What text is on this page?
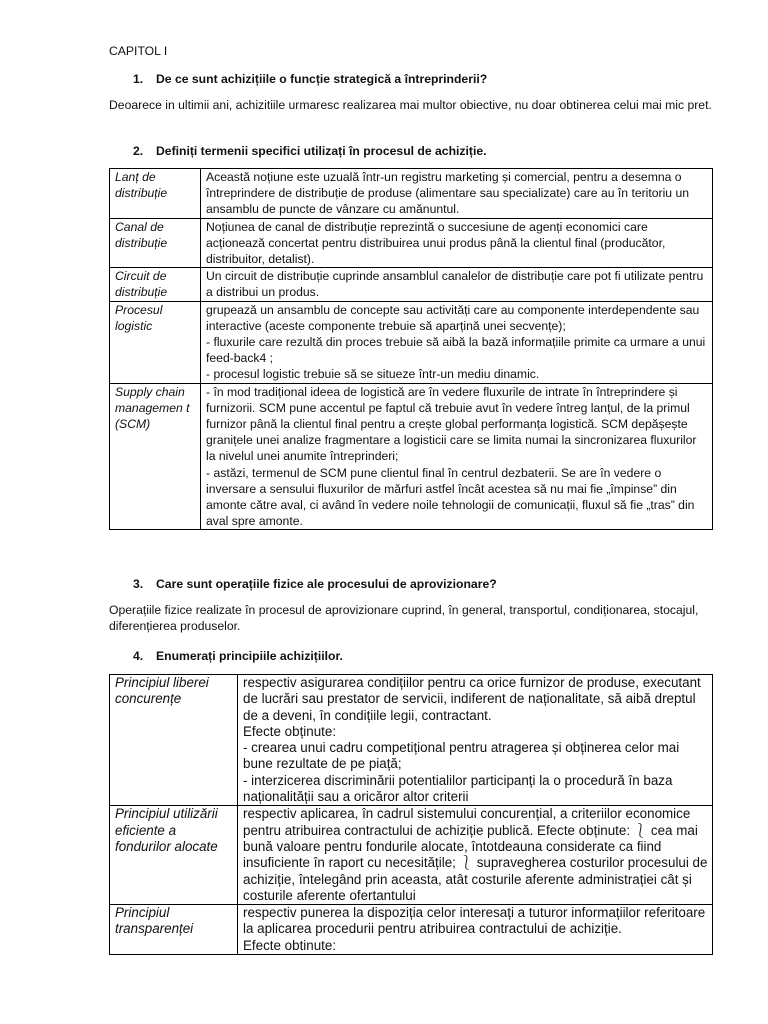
CAPITOL I
1. De ce sunt achizițiile o funcție strategică a întreprinderii?
Deoarece in ultimii ani, achizitiile urmaresc realizarea mai multor obiective, nu doar obtinerea celui mai mic pret.
2. Definiți termenii specifici utilizați în procesul de achiziție.
Lanț de distribuție	Această noțiune este uzuală într-un registru marketing și comercial, pentru a desemna o întreprindere de distribuție de produse (alimentare sau specializate) care au în teritoriu un ansamblu de puncte de vânzare cu amănuntul.

Canal de distribuție	Noțiunea de canal de distribuție reprezintă o succesiune de agenți economici care acționează concertat pentru distribuirea unui produs până la clientul final (producător, distribuitor, detalist).

Circuit de distribuție	Un circuit de distribuție cuprinde ansamblul canalelor de distribuție care pot fi utilizate pentru a distribui un produs.

Procesul logistic	grupează un ansamblu de concepte sau activități care au componente interdependente sau interactive (aceste componente trebuie să aparțină unei secvențe);
- fluxurile care rezultă din proces trebuie să aibă la bază informațiile primite ca urmare a unui feed-back4 ;
- procesul logistic trebuie să se situeze într-un mediu dinamic.

Supply chain managemen t (SCM)	- în mod tradițional ideea de logistică are în vedere fluxurile de intrate în întreprindere și furnizorii. SCM pune accentul pe faptul că trebuie avut în vedere întreg lanțul, de la primul furnizor până la clientul final pentru a crește global performanța logistică. SCM depășește granițele unei analize fragmentare a logisticii care se limita numai la sincronizarea fluxurilor la nivelul unei anumite întreprinderi;
- astăzi, termenul de SCM pune clientul final în centrul dezbaterii. Se are în vedere o inversare a sensului fluxurilor de mărfuri astfel încât acestea să nu mai fie „împinse” din amonte către aval, ci având în vedere noile tehnologii de comunicații, fluxul să fie „tras” din aval spre amonte.
3. Care sunt operațiile fizice ale procesului de aprovizionare?
Operațiile fizice realizate în procesul de aprovizionare cuprind, în general, transportul, condiționarea, stocajul, diferențierea produselor.
4. Enumerați principiile achizițiilor.
Principiul liberei concurențe	respectiv asigurarea condițiilor pentru ca orice furnizor de produse, executant de lucrări sau prestator de servicii, indiferent de naționalitate, să aibă dreptul de a deveni, în condițiile legii, contractant.
Efecte obținute:
- crearea unui cadru competițional pentru atragerea și obținerea celor mai bune rezultate de pe piață;
- interzicerea discriminării potentialilor participanți la o procedură în baza naționalității sau a oricăror altor criterii

Principiul utilizării eficiente a fondurilor alocate	respectiv aplicarea, în cadrul sistemului concurențial, a criteriilor economice pentru atribuirea contractului de achiziție publică. Efecte obținute: ⎱ cea mai bună valoare pentru fondurile alocate, întotdeauna considerate ca fiind insuficiente în raport cu necesitățile; ⎱ supravegherea costurilor procesului de achiziție, întelegând prin aceasta, atât costurile aferente administrației cât și costurile aferente ofertantului

Principiul transparenței	respectiv punerea la dispoziția celor interesați a tuturor informațiilor referitoare la aplicarea procedurii pentru atribuirea contractului de achiziție.
Efecte obtinute:
